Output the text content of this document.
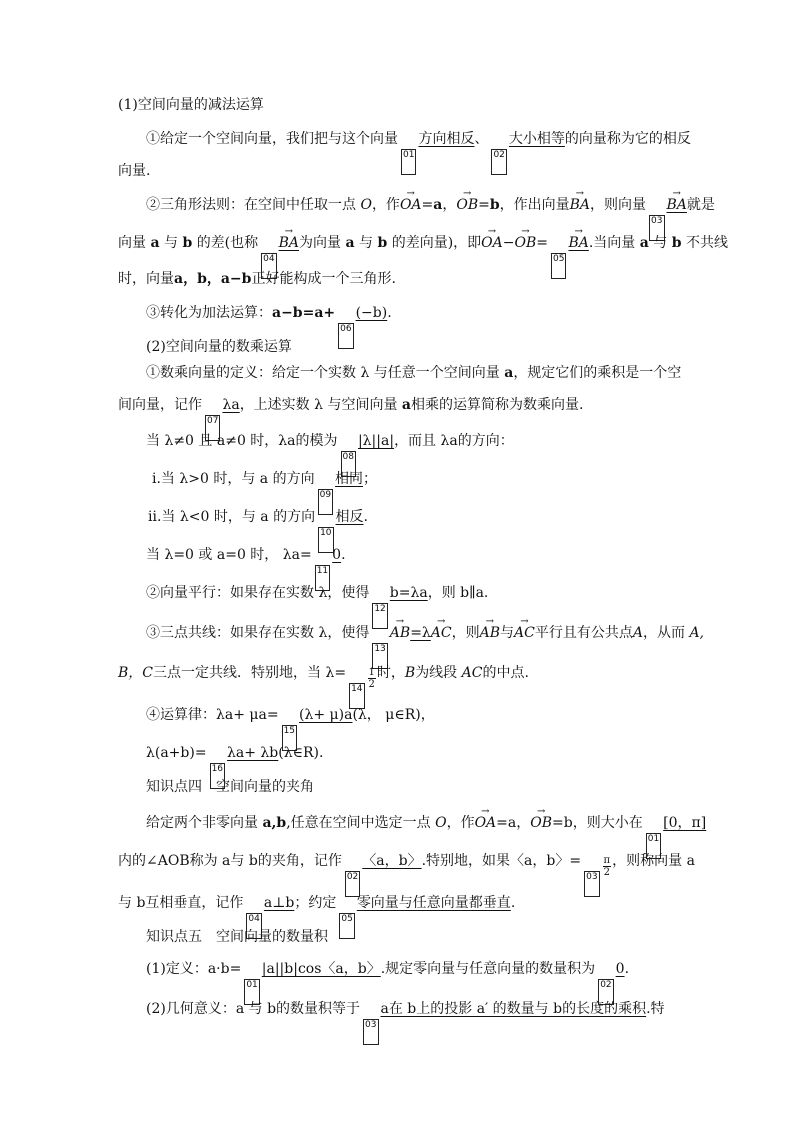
(1)空间向量的减法运算
①给定一个空间向量，我们把与这个向量01方向相反、02大小相等的向量称为它的相反
向量.
②三角形法则：在空间中任取一点 O，作→ OA=a，→ OB=b，作出向量→ BA，则向量03→ BA就是
向量 a 与 b 的差(也称04→ BA为向量 a 与 b 的差向量)，即→ OA−→ OB=05→ BA.当向量 a 与 b 不共线
时，向量a，b，a−b正好能构成一个三角形.
③转化为加法运算：a−b=a+06(−b).
(2)空间向量的数乘运算
①数乘向量的定义：给定一个实数 λ 与任意一个空间向量 a，规定它们的乘积是一个空
间向量，记作07λa，上述实数 λ 与空间向量 a相乘的运算简称为数乘向量.
当 λ≠0 且 a≠0 时，λa的模为08|λ||a|，而且 λa的方向：
ⅰ.当 λ>0 时，与 a 的方向09相同；
ⅱ.当 λ<0 时，与 a 的方向10相反.
当 λ=0 或 a=0 时， λa=110.
②向量平行：如果存在实数 λ，使得12b=λa，则 b∥a.
③三点共线：如果存在实数 λ，使得13→ AB=λ→ AC，则→ AB与→ AC平行且有公共点A，从而 A,
B，C三点一定共线．特别地，当 $\lambda=14 \frac{1}{2}$ 时，B为线段 AC的中点.
④运算律：λa+ μa=15(λ+ μ)a(λ， μ∈R)，
λ(a+b)=16λa+ λb(λ∈R).
知识点四　空间向量的夹角
给定两个非零向量 a,b,任意在空间中选定一点 O，作→ OA=a，→ OB=b，则大小在01[0，π]
内的∠AOB称为 a与 b的夹角，记作02〈a，b〉.特别地，如果〈a，b〉$=03 \frac{\pi}{2}$ ，则称向量 a
与 b互相垂直，记作04a⊥b；约定05零向量与任意向量都垂直.
知识点五　空间向量的数量积
(1)定义：a·b=01|a||b|cos〈a，b〉.规定零向量与任意向量的数量积为020.
(2)几何意义：a 与 b的数量积等于03a在 b上的投影 a′ 的数量与 b的长度的乘积.特
